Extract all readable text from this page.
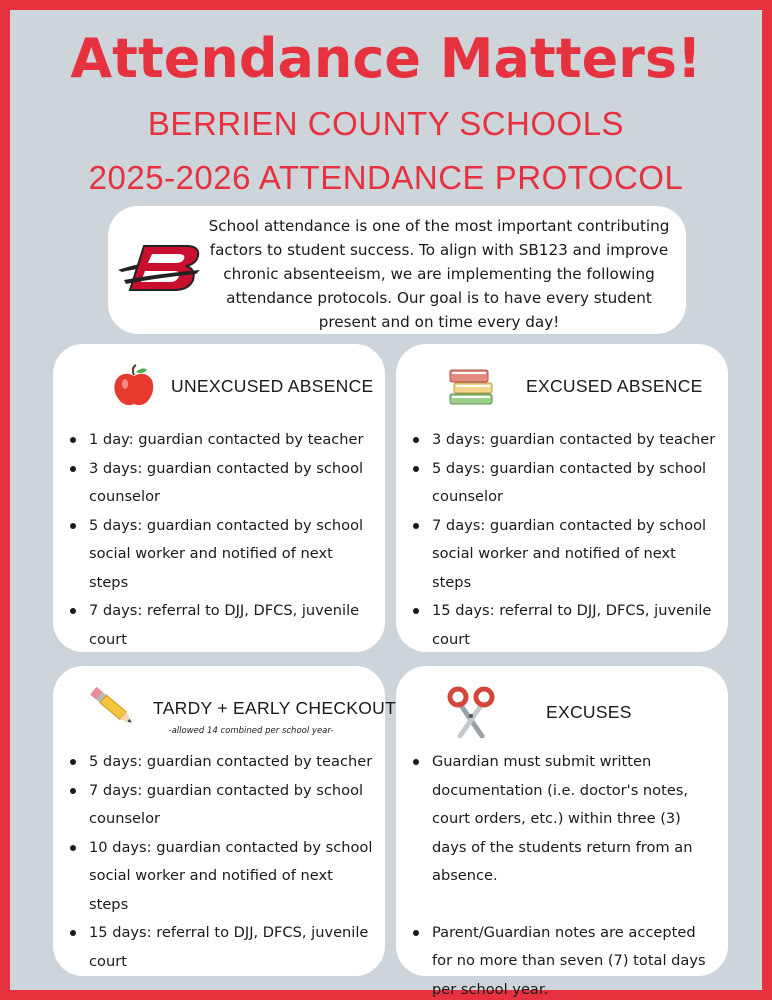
Attendance Matters!
BERRIEN COUNTY SCHOOLS
2025-2026 ATTENDANCE PROTOCOL
School attendance is one of the most important contributing factors to student success. To align with SB123 and improve chronic absenteeism, we are implementing the following attendance protocols. Our goal is to have every student present and on time every day!
UNEXCUSED ABSENCE
1 day: guardian contacted by teacher
3 days: guardian contacted by school counselor
5 days: guardian contacted by school social worker and notified of next steps
7 days: referral to DJJ, DFCS, juvenile court
EXCUSED ABSENCE
3 days: guardian contacted by teacher
5 days: guardian contacted by school counselor
7 days: guardian contacted by school social worker and notified of next steps
15 days: referral to DJJ, DFCS, juvenile court
TARDY + EARLY CHECKOUT
-allowed 14 combined per school year-
5 days: guardian contacted by teacher
7 days: guardian contacted by school counselor
10 days: guardian contacted by school social worker and notified of next steps
15 days: referral to DJJ, DFCS, juvenile court
EXCUSES
Guardian must submit written documentation (i.e. doctor's notes, court orders, etc.) within three (3) days of the students return from an absence.
Parent/Guardian notes are accepted for no more than seven (7) total days per school year.
